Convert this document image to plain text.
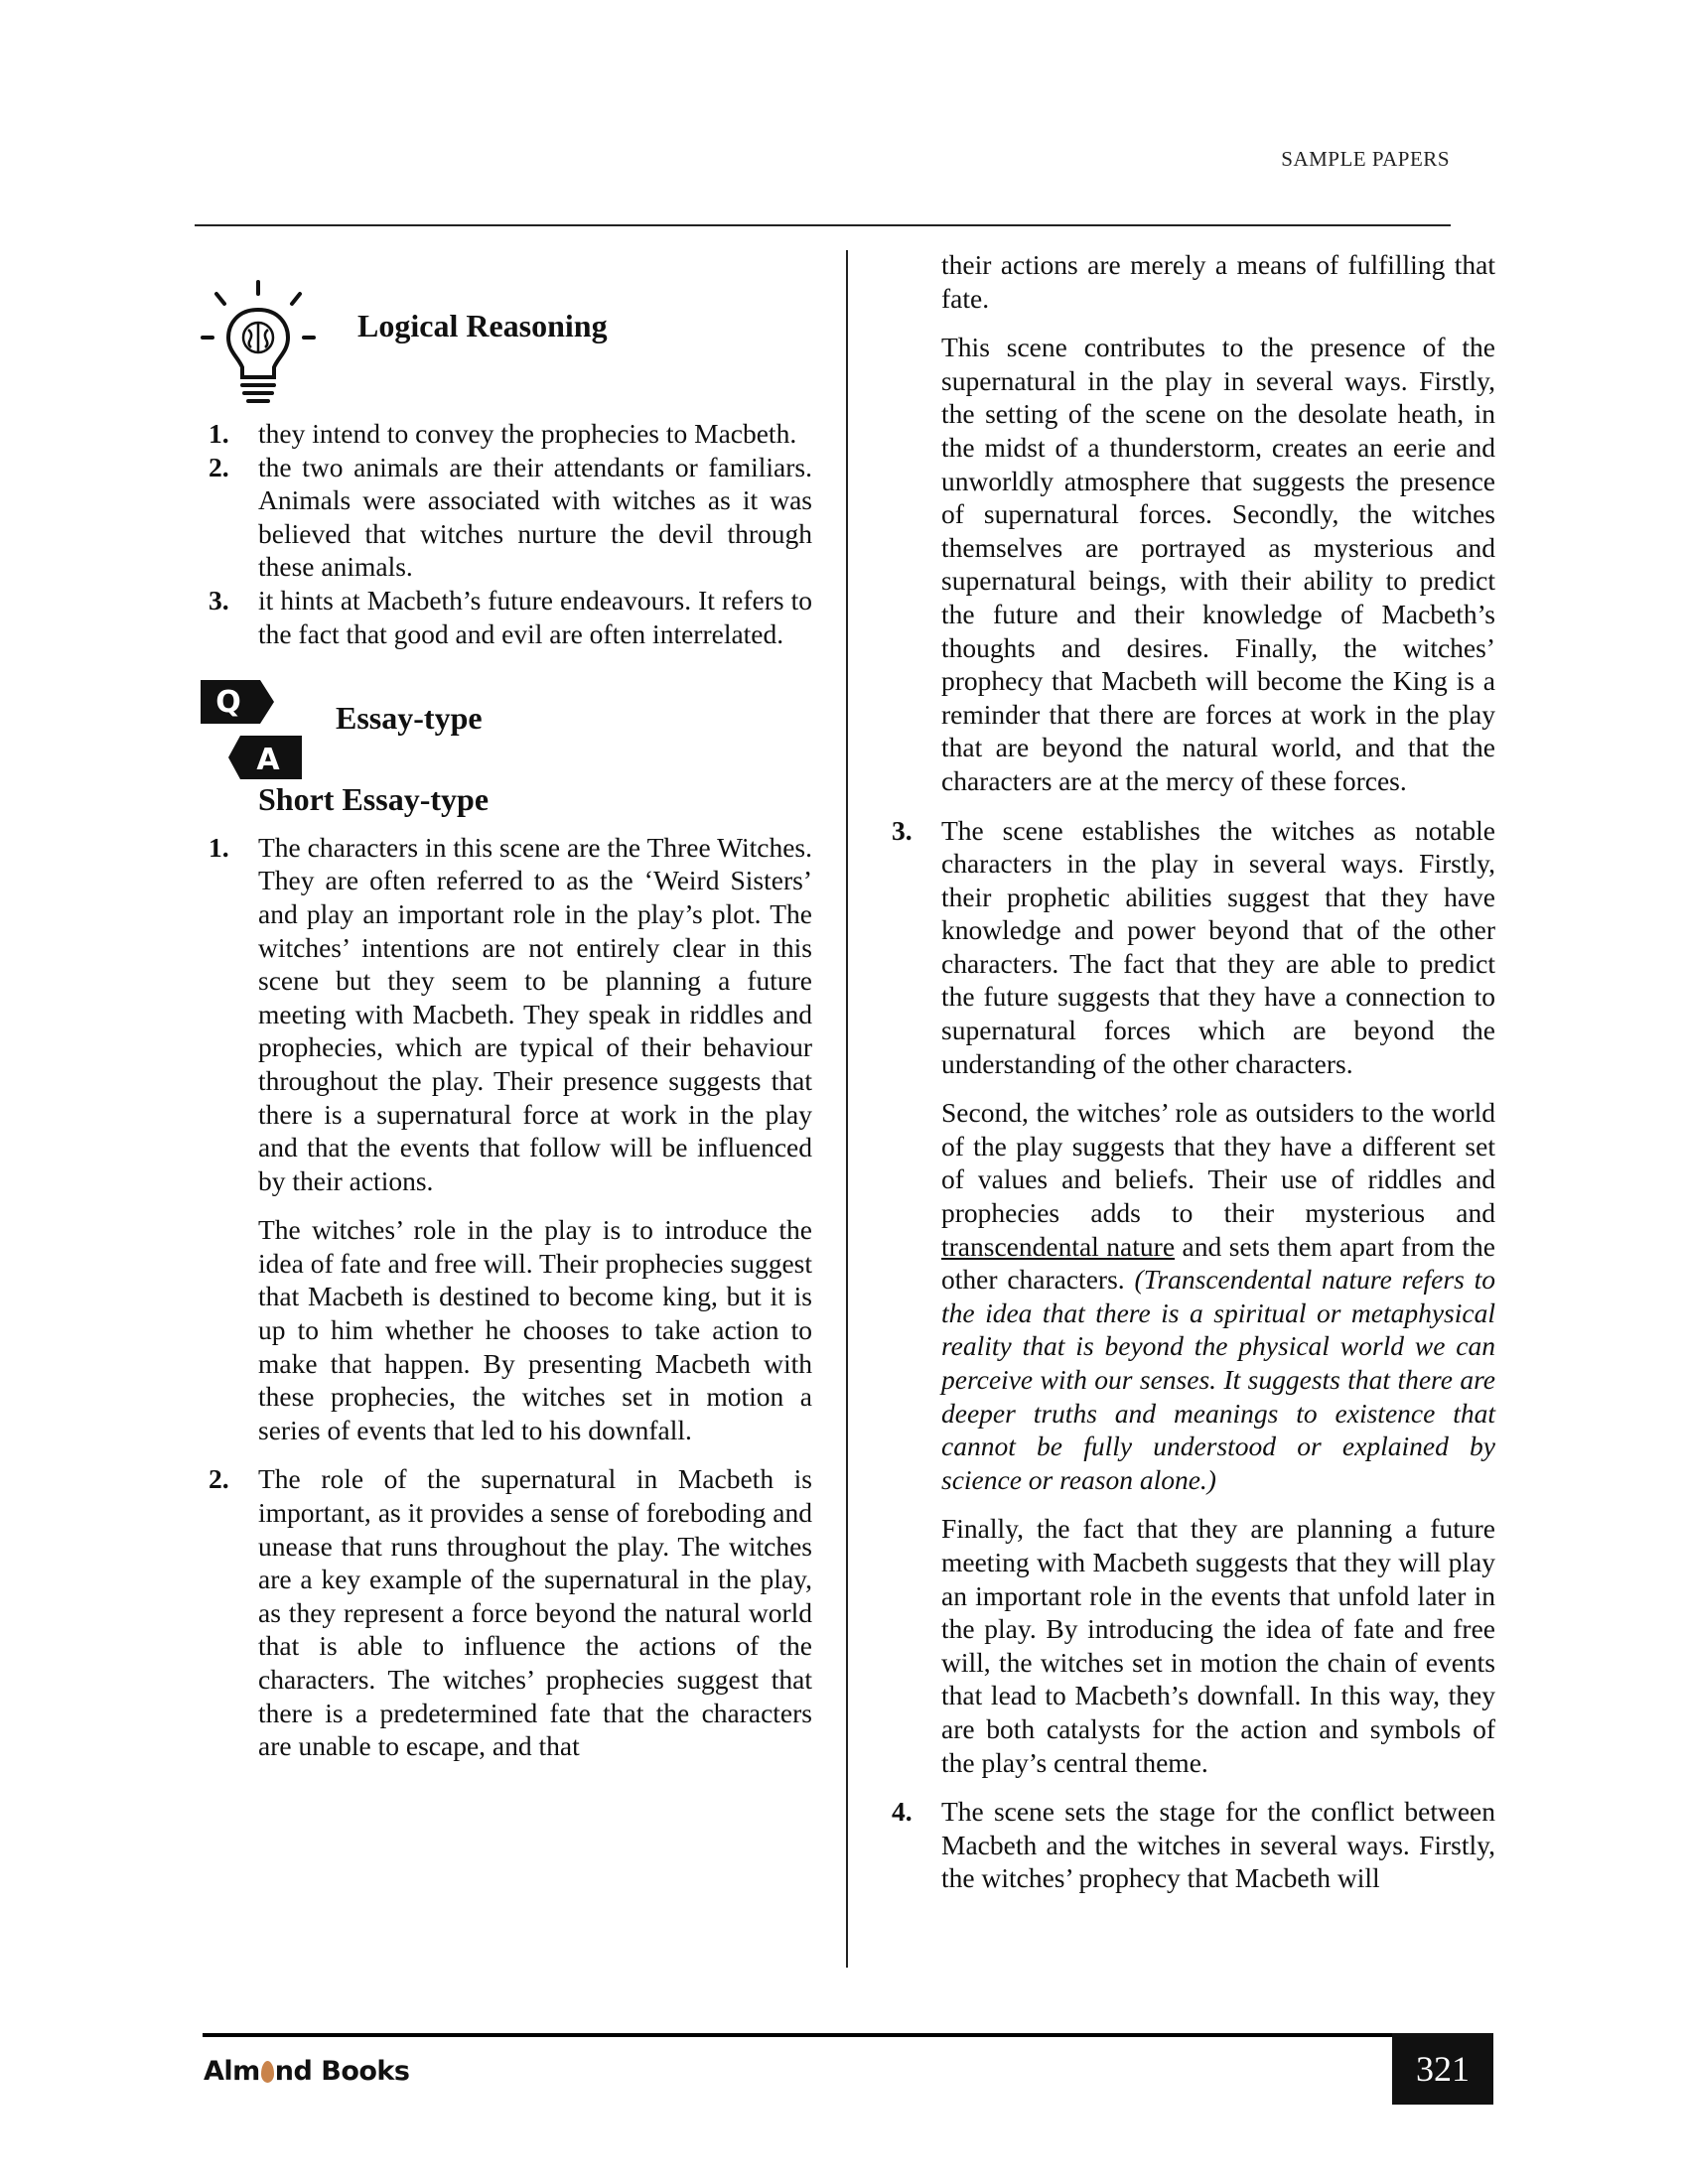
SAMPLE PAPERS
Logical Reasoning
1. they intend to convey the prophecies to Macbeth.
2. the two animals are their attendants or familiars. Animals were associated with witches as it was believed that witches nurture the devil through these animals.
3. it hints at Macbeth’s future endeavours. It refers to the fact that good and evil are often interrelated.
Q
A
Essay-type
Short Essay-type
1. The characters in this scene are the Three Witches. They are often referred to as the ‘Weird Sisters’ and play an important role in the play’s plot. The witches’ intentions are not entirely clear in this scene but they seem to be planning a future meeting with Macbeth. They speak in riddles and prophecies, which are typical of their behaviour throughout the play. Their presence suggests that there is a supernatural force at work in the play and that the events that follow will be influenced by their actions.

The witches’ role in the play is to introduce the idea of fate and free will. Their prophecies suggest that Macbeth is destined to become king, but it is up to him whether he chooses to take action to make that happen. By presenting Macbeth with these prophecies, the witches set in motion a series of events that led to his downfall.

2. The role of the supernatural in Macbeth is important, as it provides a sense of foreboding and unease that runs throughout the play. The witches are a key example of the supernatural in the play, as they represent a force beyond the natural world that is able to influence the actions of the characters. The witches’ prophecies suggest that there is a predetermined fate that the characters are unable to escape, and that

their actions are merely a means of fulfilling that fate.

This scene contributes to the presence of the supernatural in the play in several ways. Firstly, the setting of the scene on the desolate heath, in the midst of a thunderstorm, creates an eerie and unworldly atmosphere that suggests the presence of supernatural forces. Secondly, the witches themselves are portrayed as mysterious and supernatural beings, with their ability to predict the future and their knowledge of Macbeth’s thoughts and desires. Finally, the witches’ prophecy that Macbeth will become the King is a reminder that there are forces at work in the play that are beyond the natural world, and that the characters are at the mercy of these forces.

3. The scene establishes the witches as notable characters in the play in several ways. Firstly, their prophetic abilities suggest that they have knowledge and power beyond that of the other characters. The fact that they are able to predict the future suggests that they have a connection to supernatural forces which are beyond the understanding of the other characters.

Second, the witches’ role as outsiders to the world of the play suggests that they have a different set of values and beliefs. Their use of riddles and prophecies adds to their mysterious and transcendental nature and sets them apart from the other characters. (Transcendental nature refers to the idea that there is a spiritual or metaphysical reality that is beyond the physical world we can perceive with our senses. It suggests that there are deeper truths and meanings to existence that cannot be fully understood or explained by science or reason alone.)

Finally, the fact that they are planning a future meeting with Macbeth suggests that they will play an important role in the events that unfold later in the play. By introducing the idea of fate and free will, the witches set in motion the chain of events that lead to Macbeth’s downfall. In this way, they are both catalysts for the action and symbols of the play’s central theme.

4. The scene sets the stage for the conflict between Macbeth and the witches in several ways. Firstly, the witches’ prophecy that Macbeth will

Alm nd Books	321
